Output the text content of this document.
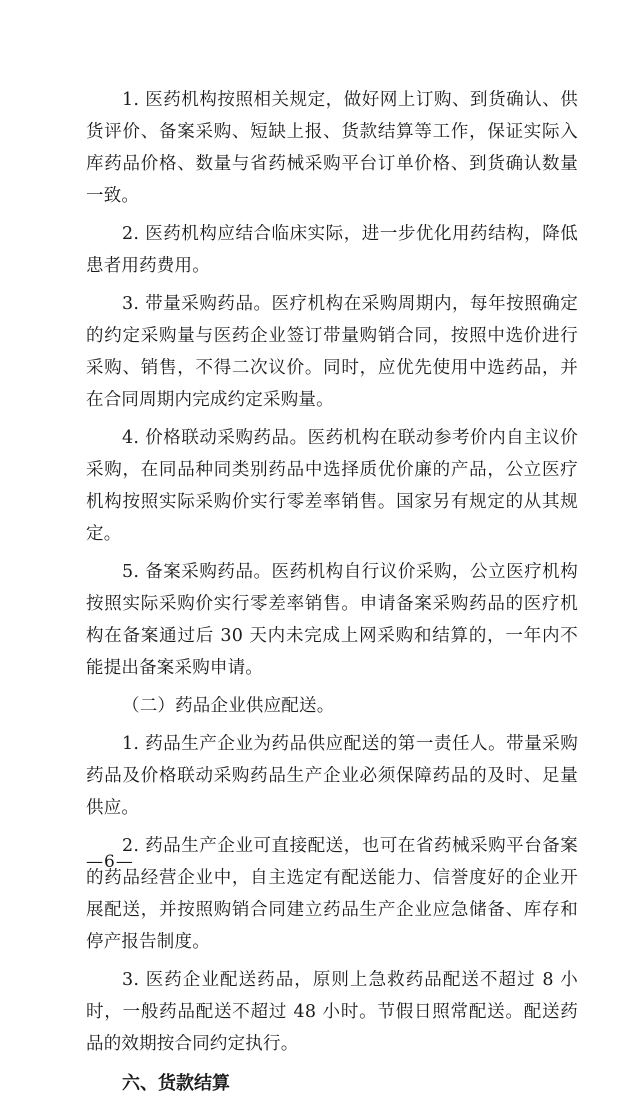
1. 医药机构按照相关规定，做好网上订购、到货确认、供货评价、备案采购、短缺上报、货款结算等工作，保证实际入库药品价格、数量与省药械采购平台订单价格、到货确认数量一致。

2. 医药机构应结合临床实际，进一步优化用药结构，降低患者用药费用。

3. 带量采购药品。医疗机构在采购周期内，每年按照确定的约定采购量与医药企业签订带量购销合同，按照中选价进行采购、销售，不得二次议价。同时，应优先使用中选药品，并在合同周期内完成约定采购量。

4. 价格联动采购药品。医药机构在联动参考价内自主议价采购，在同品种同类别药品中选择质优价廉的产品，公立医疗机构按照实际采购价实行零差率销售。国家另有规定的从其规定。

5. 备案采购药品。医药机构自行议价采购，公立医疗机构按照实际采购价实行零差率销售。申请备案采购药品的医疗机构在备案通过后 30 天内未完成上网采购和结算的，一年内不能提出备案采购申请。

（二）药品企业供应配送。

1. 药品生产企业为药品供应配送的第一责任人。带量采购药品及价格联动采购药品生产企业必须保障药品的及时、足量供应。

2. 药品生产企业可直接配送，也可在省药械采购平台备案的药品经营企业中，自主选定有配送能力、信誉度好的企业开展配送，并按照购销合同建立药品生产企业应急储备、库存和停产报告制度。

3. 医药企业配送药品，原则上急救药品配送不超过 8 小时，一般药品配送不超过 48 小时。节假日照常配送。配送药品的效期按合同约定执行。

六、货款结算

—6—
